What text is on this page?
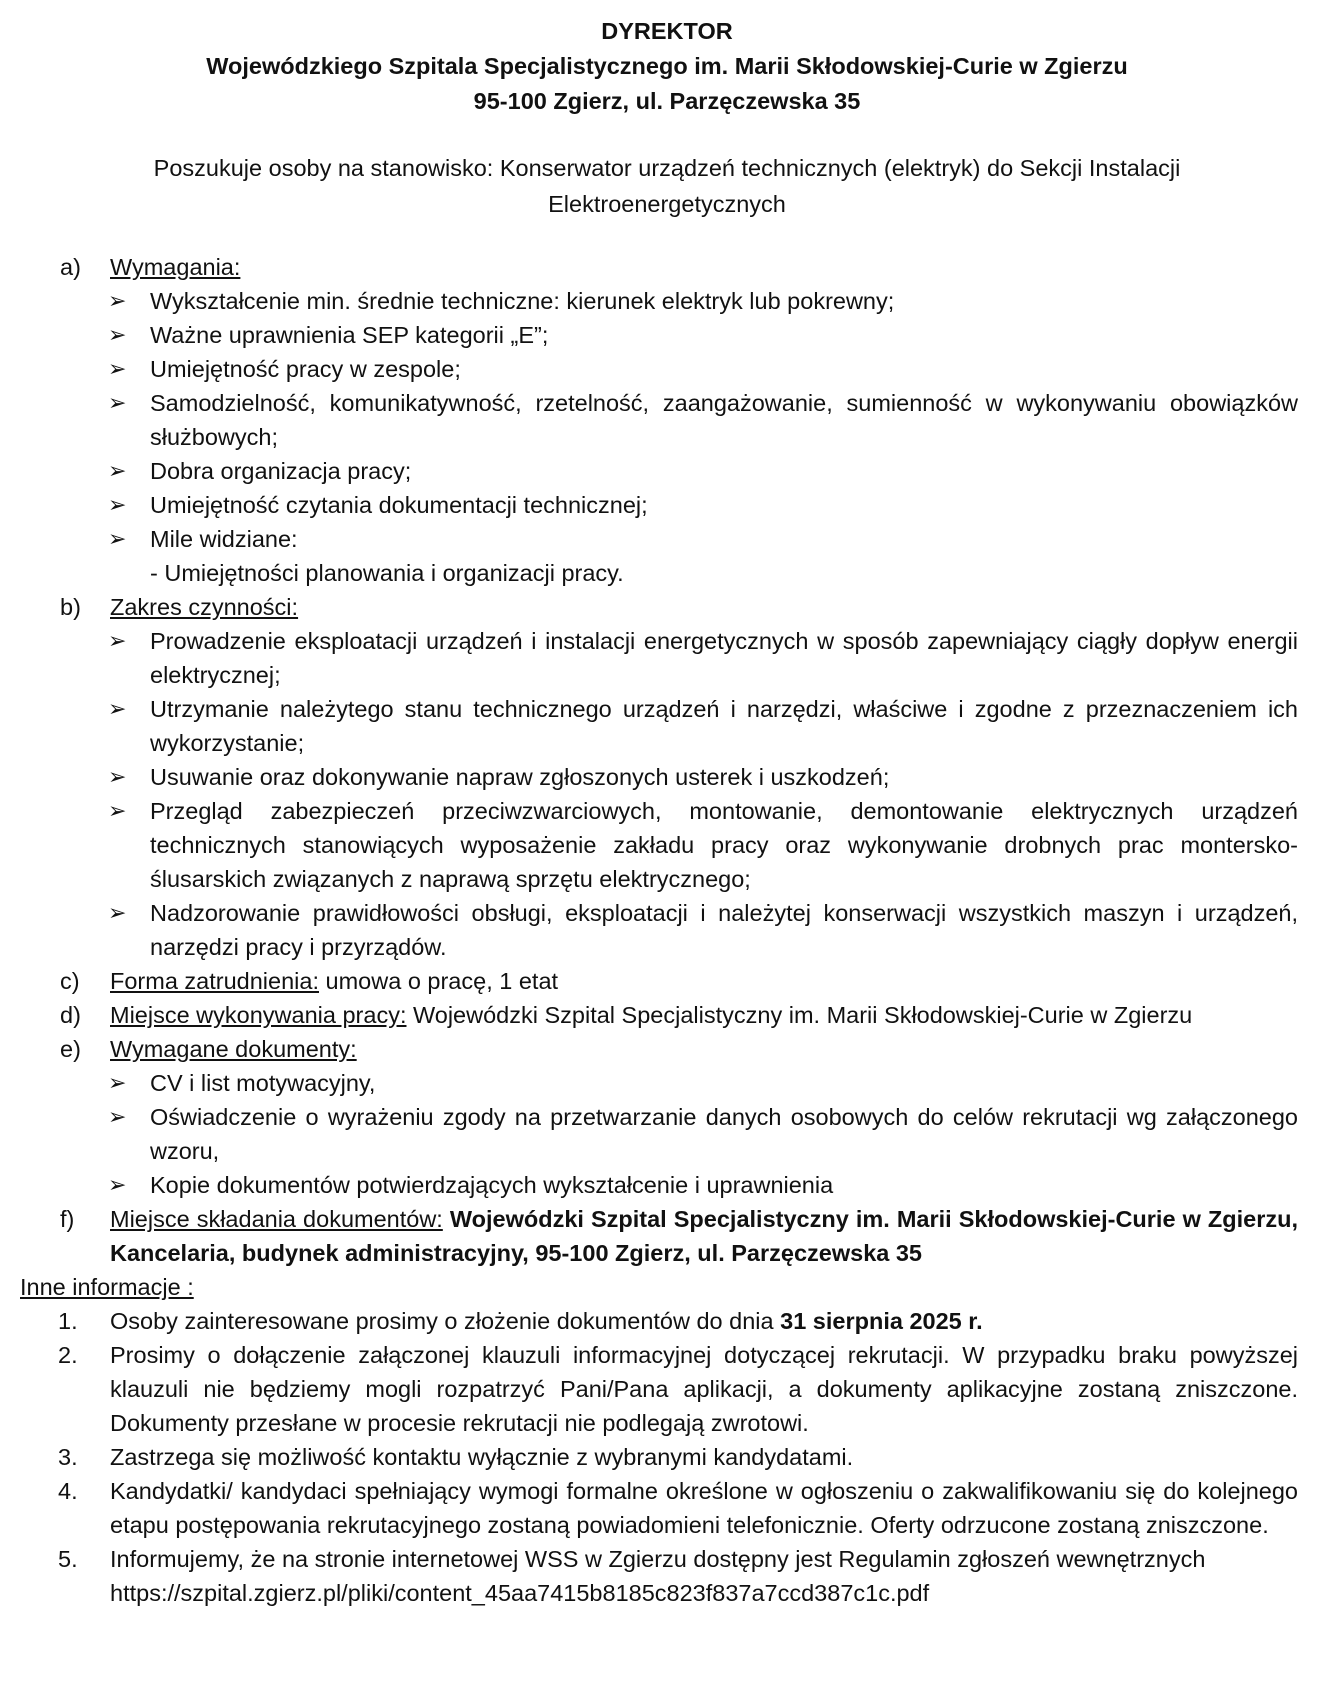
DYREKTOR
Wojewódzkiego Szpitala Specjalistycznego im. Marii Skłodowskiej-Curie w Zgierzu
95-100 Zgierz, ul. Parzęczewska 35
Poszukuje osoby na stanowisko: Konserwator urządzeń technicznych (elektryk) do Sekcji Instalacji
Elektroenergetycznych
a) Wymagania:
➢ Wykształcenie min. średnie techniczne: kierunek elektryk lub pokrewny;
➢ Ważne uprawnienia SEP kategorii „E”;
➢ Umiejętność pracy w zespole;
➢ Samodzielność, komunikatywność, rzetelność, zaangażowanie, sumienność w wykonywaniu obowiązków służbowych;
➢ Dobra organizacja pracy;
➢ Umiejętność czytania dokumentacji technicznej;
➢ Mile widziane:
- Umiejętności planowania i organizacji pracy.
b) Zakres czynności:
➢ Prowadzenie eksploatacji urządzeń i instalacji energetycznych w sposób zapewniający ciągły dopływ energii elektrycznej;
➢ Utrzymanie należytego stanu technicznego urządzeń i narzędzi, właściwe i zgodne z przeznaczeniem ich wykorzystanie;
➢ Usuwanie oraz dokonywanie napraw zgłoszonych usterek i uszkodzeń;
➢ Przegląd zabezpieczeń przeciwzwarciowych, montowanie, demontowanie elektrycznych urządzeń technicznych stanowiących wyposażenie zakładu pracy oraz wykonywanie drobnych prac montersko-ślusarskich związanych z naprawą sprzętu elektrycznego;
➢ Nadzorowanie prawidłowości obsługi, eksploatacji i należytej konserwacji wszystkich maszyn i urządzeń, narzędzi pracy i przyrządów.
c) Forma zatrudnienia: umowa o pracę, 1 etat
d) Miejsce wykonywania pracy: Wojewódzki Szpital Specjalistyczny im. Marii Skłodowskiej-Curie w Zgierzu
e) Wymagane dokumenty:
➢ CV i list motywacyjny,
➢ Oświadczenie o wyrażeniu zgody na przetwarzanie danych osobowych do celów rekrutacji wg załączonego wzoru,
➢ Kopie dokumentów potwierdzających wykształcenie i uprawnienia
f) Miejsce składania dokumentów: Wojewódzki Szpital Specjalistyczny im. Marii Skłodowskiej-Curie w Zgierzu, Kancelaria, budynek administracyjny, 95-100 Zgierz, ul. Parzęczewska 35
Inne informacje :
1. Osoby zainteresowane prosimy o złożenie dokumentów do dnia 31 sierpnia 2025 r.
2. Prosimy o dołączenie załączonej klauzuli informacyjnej dotyczącej rekrutacji. W przypadku braku powyższej klauzuli nie będziemy mogli rozpatrzyć Pani/Pana aplikacji, a dokumenty aplikacyjne zostaną zniszczone. Dokumenty przesłane w procesie rekrutacji nie podlegają zwrotowi.
3. Zastrzega się możliwość kontaktu wyłącznie z wybranymi kandydatami.
4. Kandydatki/ kandydaci spełniający wymogi formalne określone w ogłoszeniu o zakwalifikowaniu się do kolejnego etapu postępowania rekrutacyjnego zostaną powiadomieni telefonicznie. Oferty odrzucone zostaną zniszczone.
5. Informujemy, że na stronie internetowej WSS w Zgierzu dostępny jest Regulamin zgłoszeń wewnętrznych
https://szpital.zgierz.pl/pliki/content_45aa7415b8185c823f837a7ccd387c1c.pdf
